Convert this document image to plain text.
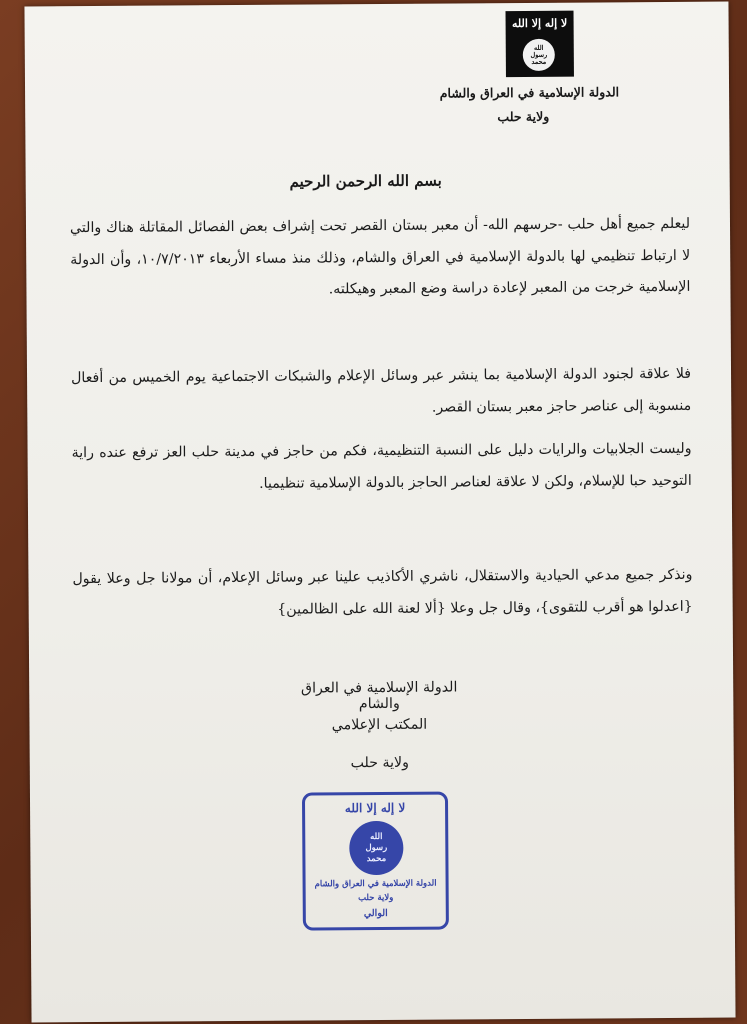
لا إله إلا الله
الله
رسول
محمد
الدولة الإسلامية في العراق والشام
ولاية حلب
بسم الله الرحمن الرحيم
ليعلم جميع أهل حلب -حرسهم الله- أن معبر بستان القصر تحت إشراف بعض الفصائل المقاتلة هناك والتي لا ارتباط تنظيمي لها بالدولة الإسلامية في العراق والشام، وذلك منذ مساء الأربعاء ١٠/٧/٢٠١٣، وأن الدولة الإسلامية خرجت من المعبر لإعادة دراسة وضع المعبر وهيكلته.
فلا علاقة لجنود الدولة الإسلامية بما ينشر عبر وسائل الإعلام والشبكات الاجتماعية يوم الخميس من أفعال منسوبة إلى عناصر حاجز معبر بستان القصر.
وليست الجلابيات والرايات دليل على النسبة التنظيمية، فكم من حاجز في مدينة حلب العز ترفع عنده راية التوحيد حبا للإسلام، ولكن لا علاقة لعناصر الحاجز بالدولة الإسلامية تنظيميا.
ونذكر جميع مدعي الحيادية والاستقلال، ناشري الأكاذيب علينا عبر وسائل الإعلام، أن مولانا جل وعلا يقول {اعدلوا هو أقرب للتقوى}، وقال جل وعلا {ألا لعنة الله على الظالمين}
الدولة الإسلامية في العراق والشام
المكتب الإعلامي
ولاية حلب
لا إله إلا الله
الله
رسول
محمد
الدولة الإسلامية في العراق والشام
ولاية حلب
الوالي
